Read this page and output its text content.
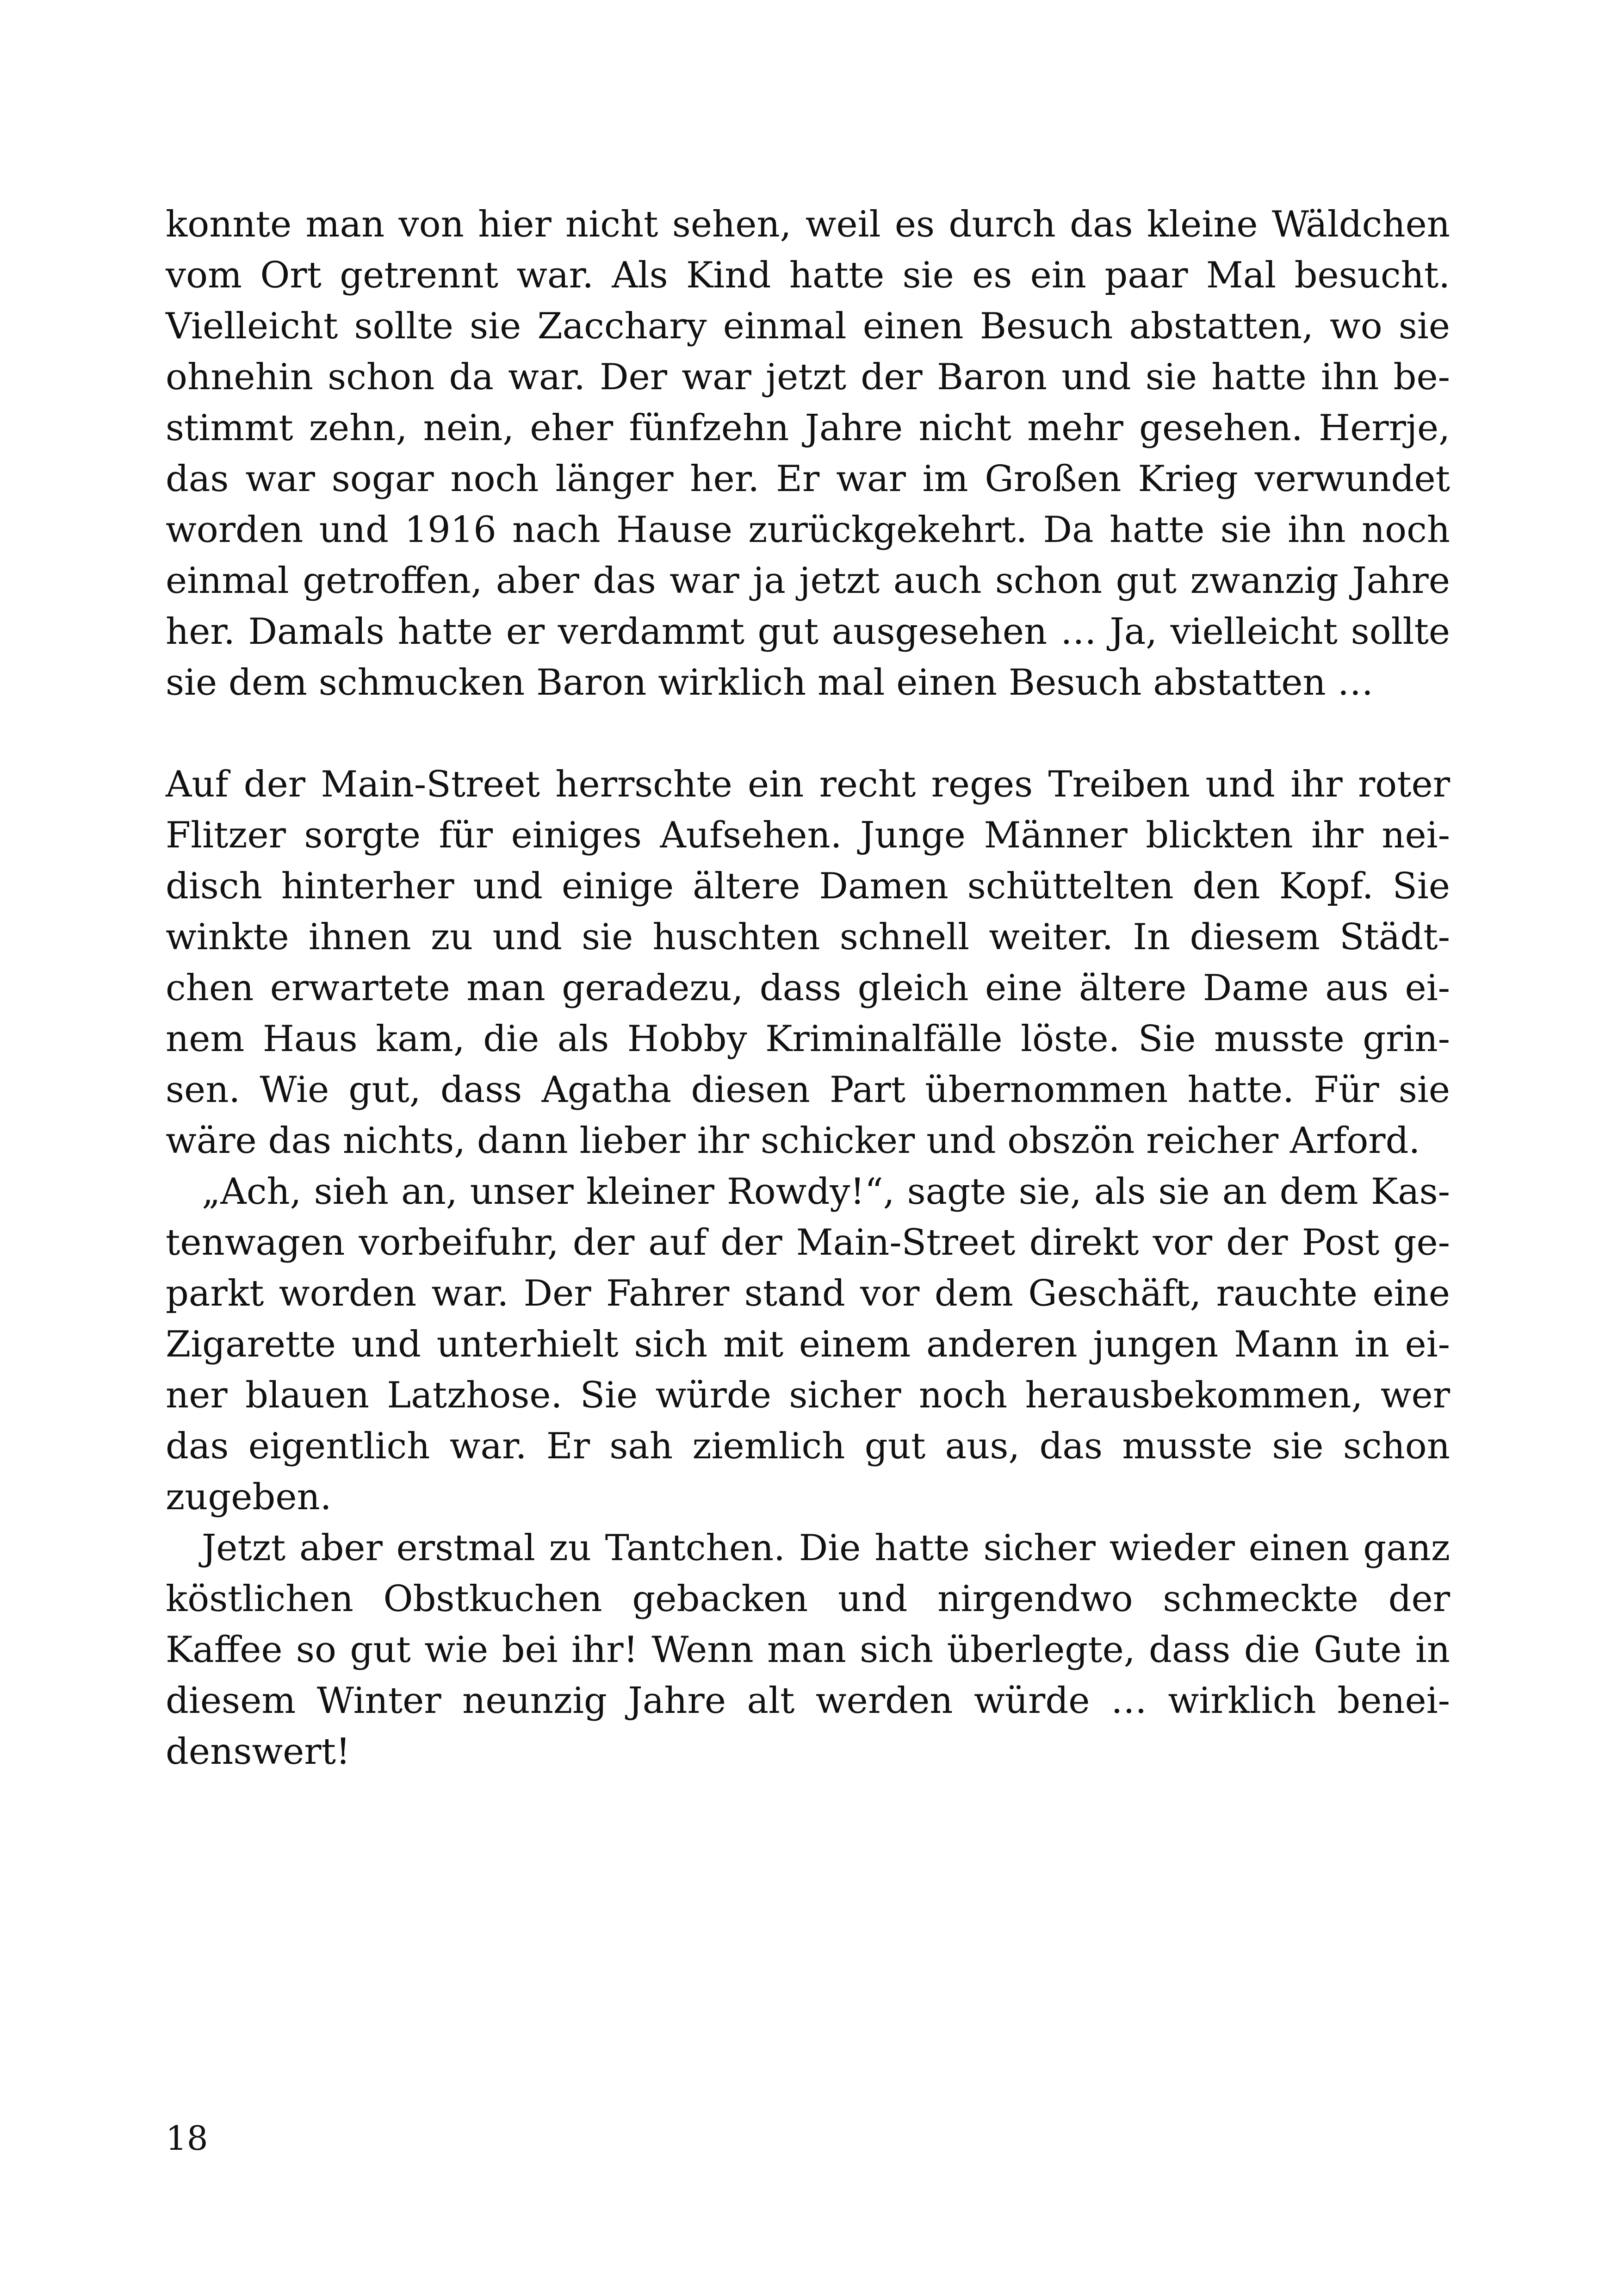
konnte man von hier nicht sehen, weil es durch das kleine Wäldchen
vom Ort getrennt war. Als Kind hatte sie es ein paar Mal besucht.
Vielleicht sollte sie Zacchary einmal einen Besuch abstatten, wo sie
ohnehin schon da war. Der war jetzt der Baron und sie hatte ihn be-
stimmt zehn, nein, eher fünfzehn Jahre nicht mehr gesehen. Herrje,
das war sogar noch länger her. Er war im Großen Krieg verwundet
worden und 1916 nach Hause zurückgekehrt. Da hatte sie ihn noch
einmal getroffen, aber das war ja jetzt auch schon gut zwanzig Jahre
her. Damals hatte er verdammt gut ausgesehen … Ja, vielleicht sollte
sie dem schmucken Baron wirklich mal einen Besuch abstatten …
Auf der Main-Street herrschte ein recht reges Treiben und ihr roter
Flitzer sorgte für einiges Aufsehen. Junge Männer blickten ihr nei-
disch hinterher und einige ältere Damen schüttelten den Kopf. Sie
winkte ihnen zu und sie huschten schnell weiter. In diesem Städt-
chen erwartete man geradezu, dass gleich eine ältere Dame aus ei-
nem Haus kam, die als Hobby Kriminalfälle löste. Sie musste grin-
sen. Wie gut, dass Agatha diesen Part übernommen hatte. Für sie
wäre das nichts, dann lieber ihr schicker und obszön reicher Arford.
„Ach, sieh an, unser kleiner Rowdy!“, sagte sie, als sie an dem Kas-
tenwagen vorbeifuhr, der auf der Main-Street direkt vor der Post ge-
parkt worden war. Der Fahrer stand vor dem Geschäft, rauchte eine
Zigarette und unterhielt sich mit einem anderen jungen Mann in ei-
ner blauen Latzhose. Sie würde sicher noch herausbekommen, wer
das eigentlich war. Er sah ziemlich gut aus, das musste sie schon
zugeben.
Jetzt aber erstmal zu Tantchen. Die hatte sicher wieder einen ganz
köstlichen Obstkuchen gebacken und nirgendwo schmeckte der
Kaffee so gut wie bei ihr! Wenn man sich überlegte, dass die Gute in
diesem Winter neunzig Jahre alt werden würde … wirklich benei-
denswert!
18
